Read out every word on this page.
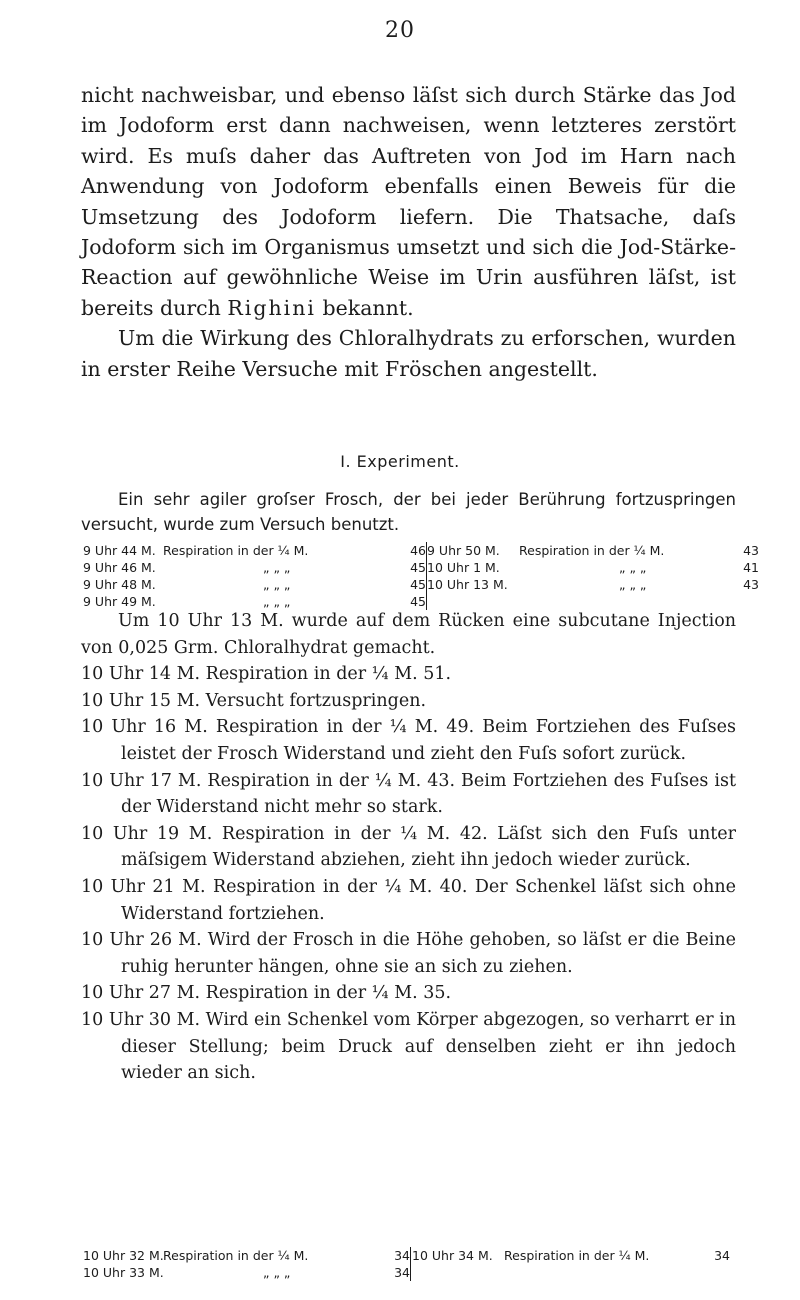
20

nicht nachweisbar, und ebenso läſst sich durch Stärke das Jod im Jodoform erst dann nachweisen, wenn letzteres zerstört wird. Es muſs daher das Auftreten von Jod im Harn nach Anwendung von Jodoform ebenfalls einen Beweis für die Umsetzung des Jodoform liefern. Die Thatsache, daſs Jodoform sich im Organismus umsetzt und sich die Jod-Stärke-Reaction auf gewöhnliche Weise im Urin ausführen läſst, ist bereits durch Righini bekannt.

Um die Wirkung des Chloralhydrats zu erforschen, wurden in erster Reihe Versuche mit Fröschen angestellt.

I. Experiment.

Ein sehr agiler groſser Frosch, der bei jeder Berührung fortzuspringen versucht, wurde zum Versuch benutzt.

9 Uhr 44 M. Respiration in der ¼ M.	46
9 Uhr 46 M.	„ „ „	45
9 Uhr 48 M.	„ „ „	45
9 Uhr 49 M.	„ „ „	45
9 Uhr 50 M.	Respiration in der ¼ M.	43
10 Uhr 1 M.	„ „ „	41
10 Uhr 13 M.	„ „ „	43

Um 10 Uhr 13 M. wurde auf dem Rücken eine subcutane Injection von 0,025 Grm. Chloralhydrat gemacht.

10 Uhr 14 M. Respiration in der ¼ M. 51.

10 Uhr 15 M. Versucht fortzuspringen.

10 Uhr 16 M. Respiration in der ¼ M. 49. Beim Fortziehen des Fuſses leistet der Frosch Widerstand und zieht den Fuſs sofort zurück.

10 Uhr 17 M. Respiration in der ¼ M. 43. Beim Fortziehen des Fuſses ist der Widerstand nicht mehr so stark.

10 Uhr 19 M. Respiration in der ¼ M. 42. Läſst sich den Fuſs unter mäſsigem Widerstand abziehen, zieht ihn jedoch wieder zurück.

10 Uhr 21 M. Respiration in der ¼ M. 40. Der Schenkel läſst sich ohne Widerstand fortziehen.

10 Uhr 26 M. Wird der Frosch in die Höhe gehoben, so läſst er die Beine ruhig herunter hängen, ohne sie an sich zu ziehen.

10 Uhr 27 M. Respiration in der ¼ M. 35.

10 Uhr 30 M. Wird ein Schenkel vom Körper abgezogen, so verharrt er in dieser Stellung; beim Druck auf denselben zieht er ihn jedoch wieder an sich.

10 Uhr 32 M. Respiration in der ¼ M.	34
10 Uhr 33 M.	„ „ „	34
10 Uhr 34 M. Respiration in der ¼ M.	34
